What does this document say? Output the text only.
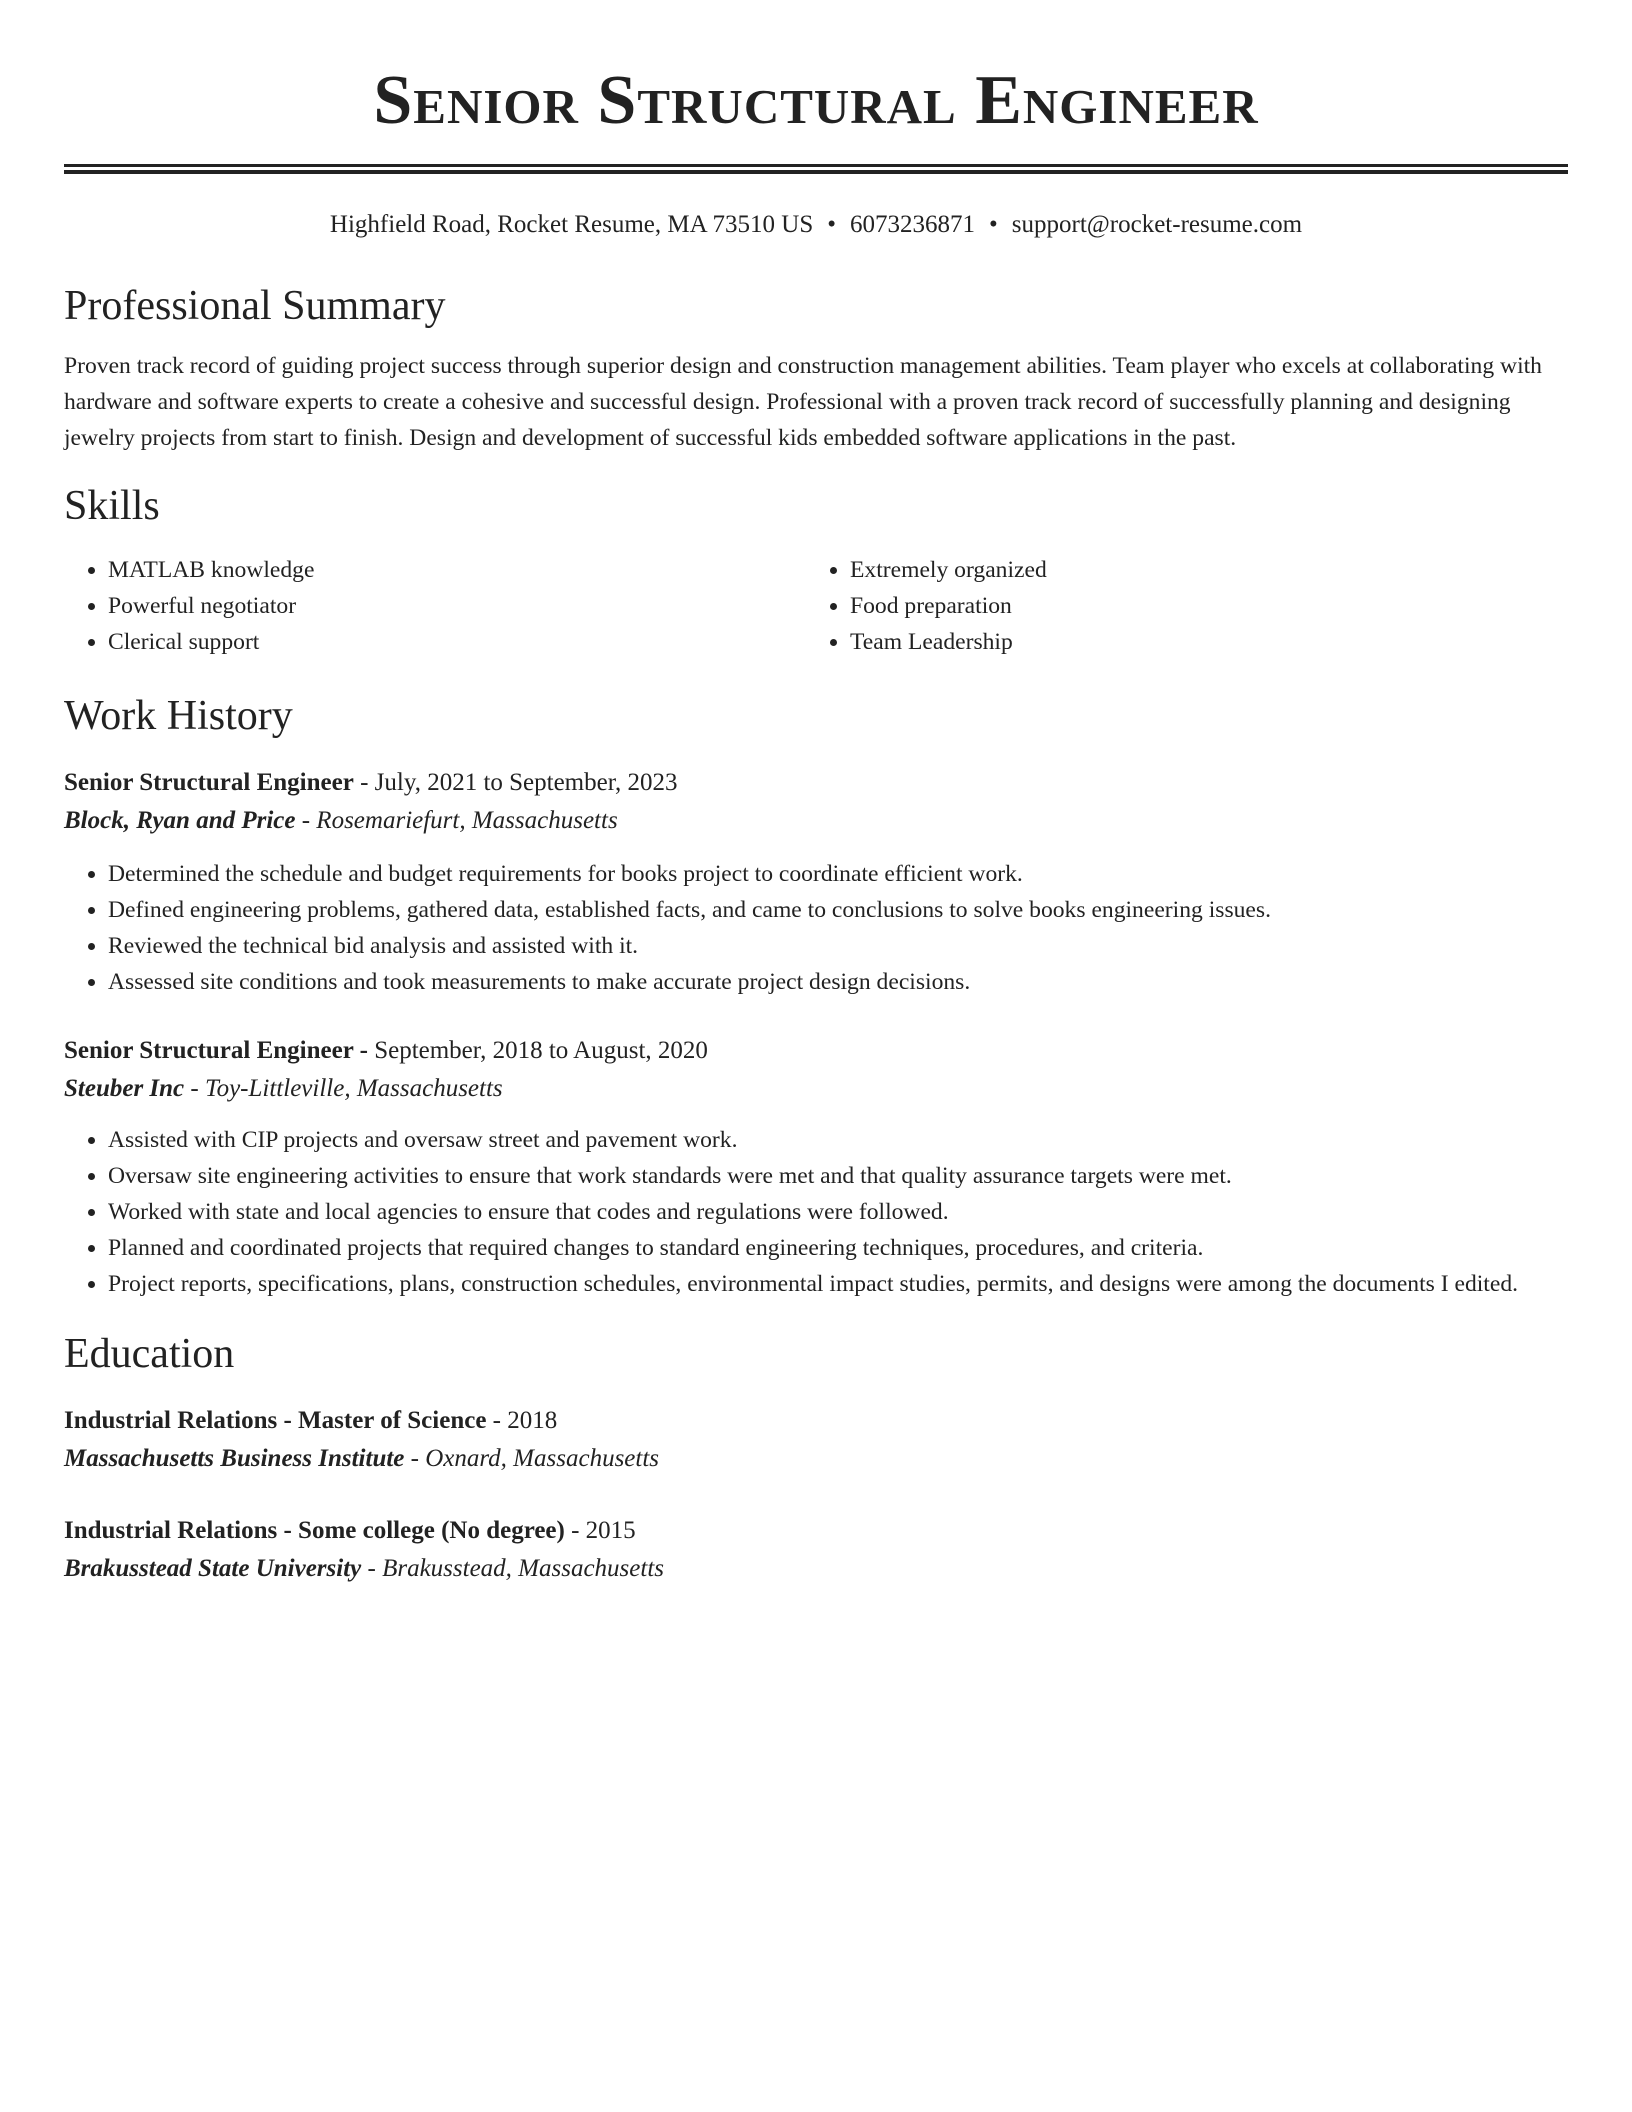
Senior Structural Engineer
Highfield Road, Rocket Resume, MA 73510 US • 6073236871 • support@rocket-resume.com
Professional Summary

Proven track record of guiding project success through superior design and construction management abilities. Team player who excels at collaborating with hardware and software experts to create a cohesive and successful design. Professional with a proven track record of successfully planning and designing jewelry projects from start to finish. Design and development of successful kids embedded software applications in the past.

Skills
• MATLAB knowledge
• Powerful negotiator
• Clerical support
• Extremely organized
• Food preparation
• Team Leadership
Work History

Senior Structural Engineer - July, 2021 to September, 2023

Block, Ryan and Price - Rosemariefurt, Massachusetts

• Determined the schedule and budget requirements for books project to coordinate efficient work.
• Defined engineering problems, gathered data, established facts, and came to conclusions to solve books engineering issues.
• Reviewed the technical bid analysis and assisted with it.
• Assessed site conditions and took measurements to make accurate project design decisions.

Senior Structural Engineer - September, 2018 to August, 2020

Steuber Inc - Toy-Littleville, Massachusetts

• Assisted with CIP projects and oversaw street and pavement work.
• Oversaw site engineering activities to ensure that work standards were met and that quality assurance targets were met.
• Worked with state and local agencies to ensure that codes and regulations were followed.
• Planned and coordinated projects that required changes to standard engineering techniques, procedures, and criteria.
• Project reports, specifications, plans, construction schedules, environmental impact studies, permits, and designs were among the documents I edited.
Education

Industrial Relations - Master of Science - 2018

Massachusetts Business Institute - Oxnard, Massachusetts

Industrial Relations - Some college (No degree) - 2015

Brakusstead State University - Brakusstead, Massachusetts
